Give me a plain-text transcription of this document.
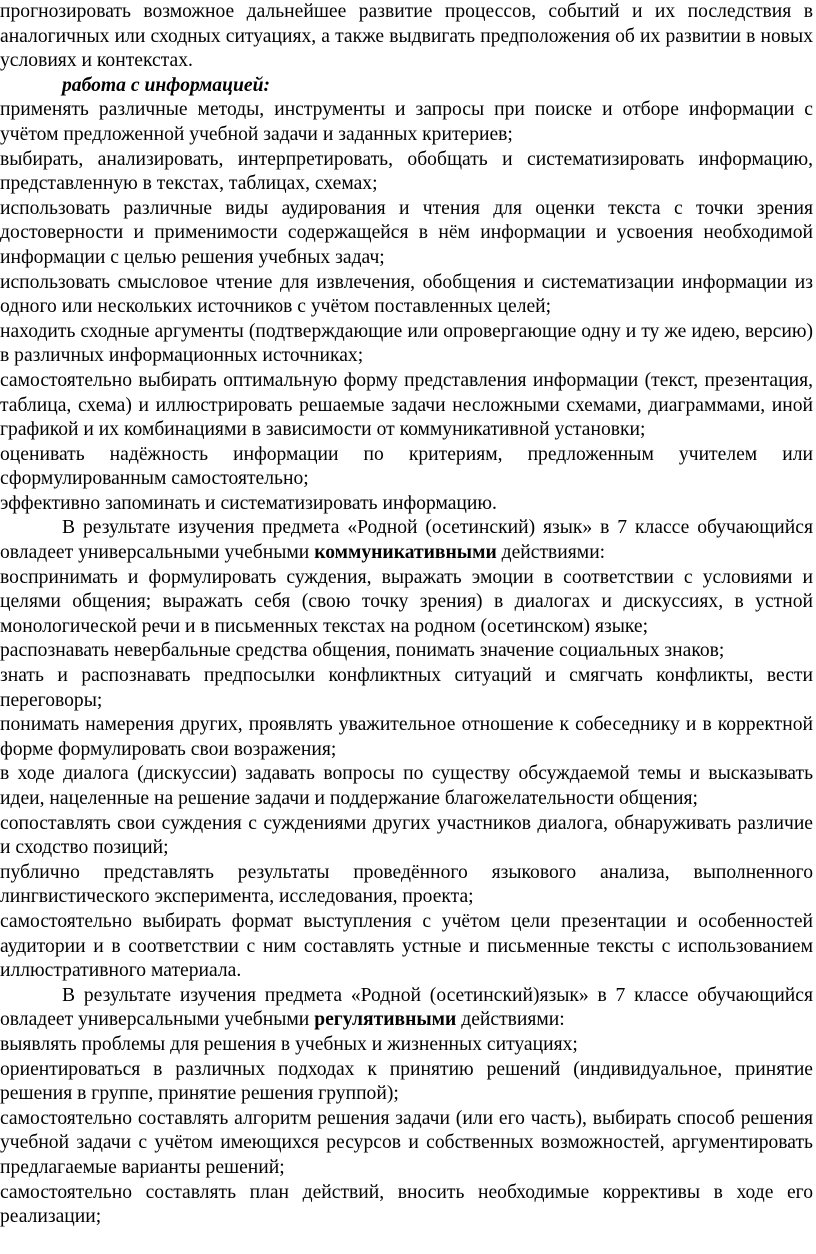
прогнозировать возможное дальнейшее развитие процессов, событий и их последствия в аналогичных или сходных ситуациях, а также выдвигать предположения об их развитии в новых условиях и контекстах.

работа с информацией:

применять различные методы, инструменты и запросы при поиске и отборе информации с учётом предложенной учебной задачи и заданных критериев;

выбирать, анализировать, интерпретировать, обобщать и систематизировать информацию, представленную в текстах, таблицах, схемах;

использовать различные виды аудирования и чтения для оценки текста с точки зрения достоверности и применимости содержащейся в нём информации и усвоения необходимой информации с целью решения учебных задач;

использовать смысловое чтение для извлечения, обобщения и систематизации информации из одного или нескольких источников с учётом поставленных целей;

находить сходные аргументы (подтверждающие или опровергающие одну и ту же идею, версию) в различных информационных источниках;

самостоятельно выбирать оптимальную форму представления информации (текст, презентация, таблица, схема) и иллюстрировать решаемые задачи несложными схемами, диаграммами, иной графикой и их комбинациями в зависимости от коммуникативной установки;

оценивать надёжность информации по критериям, предложенным учителем или сформулированным самостоятельно;

эффективно запоминать и систематизировать информацию.

В результате изучения предмета «Родной (осетинский) язык» в 7 классе обучающийся овладеет универсальными учебными коммуникативными действиями:

воспринимать и формулировать суждения, выражать эмоции в соответствии с условиями и целями общения; выражать себя (свою точку зрения) в диалогах и дискуссиях, в устной монологической речи и в письменных текстах на родном (осетинском) языке;

распознавать невербальные средства общения, понимать значение социальных знаков;

знать и распознавать предпосылки конфликтных ситуаций и смягчать конфликты, вести переговоры;

понимать намерения других, проявлять уважительное отношение к собеседнику и в корректной форме формулировать свои возражения;

в ходе диалога (дискуссии) задавать вопросы по существу обсуждаемой темы и высказывать идеи, нацеленные на решение задачи и поддержание благожелательности общения;

сопоставлять свои суждения с суждениями других участников диалога, обнаруживать различие и сходство позиций;

публично представлять результаты проведённого языкового анализа, выполненного лингвистического эксперимента, исследования, проекта;

самостоятельно выбирать формат выступления с учётом цели презентации и особенностей аудитории и в соответствии с ним составлять устные и письменные тексты с использованием иллюстративного материала.

В результате изучения предмета «Родной (осетинский)язык» в 7 классе обучающийся овладеет универсальными учебными регулятивными действиями:

выявлять проблемы для решения в учебных и жизненных ситуациях;

ориентироваться в различных подходах к принятию решений (индивидуальное, принятие решения в группе, принятие решения группой);

самостоятельно составлять алгоритм решения задачи (или его часть), выбирать способ решения учебной задачи с учётом имеющихся ресурсов и собственных возможностей, аргументировать предлагаемые варианты решений;

самостоятельно составлять план действий, вносить необходимые коррективы в ходе его реализации;
